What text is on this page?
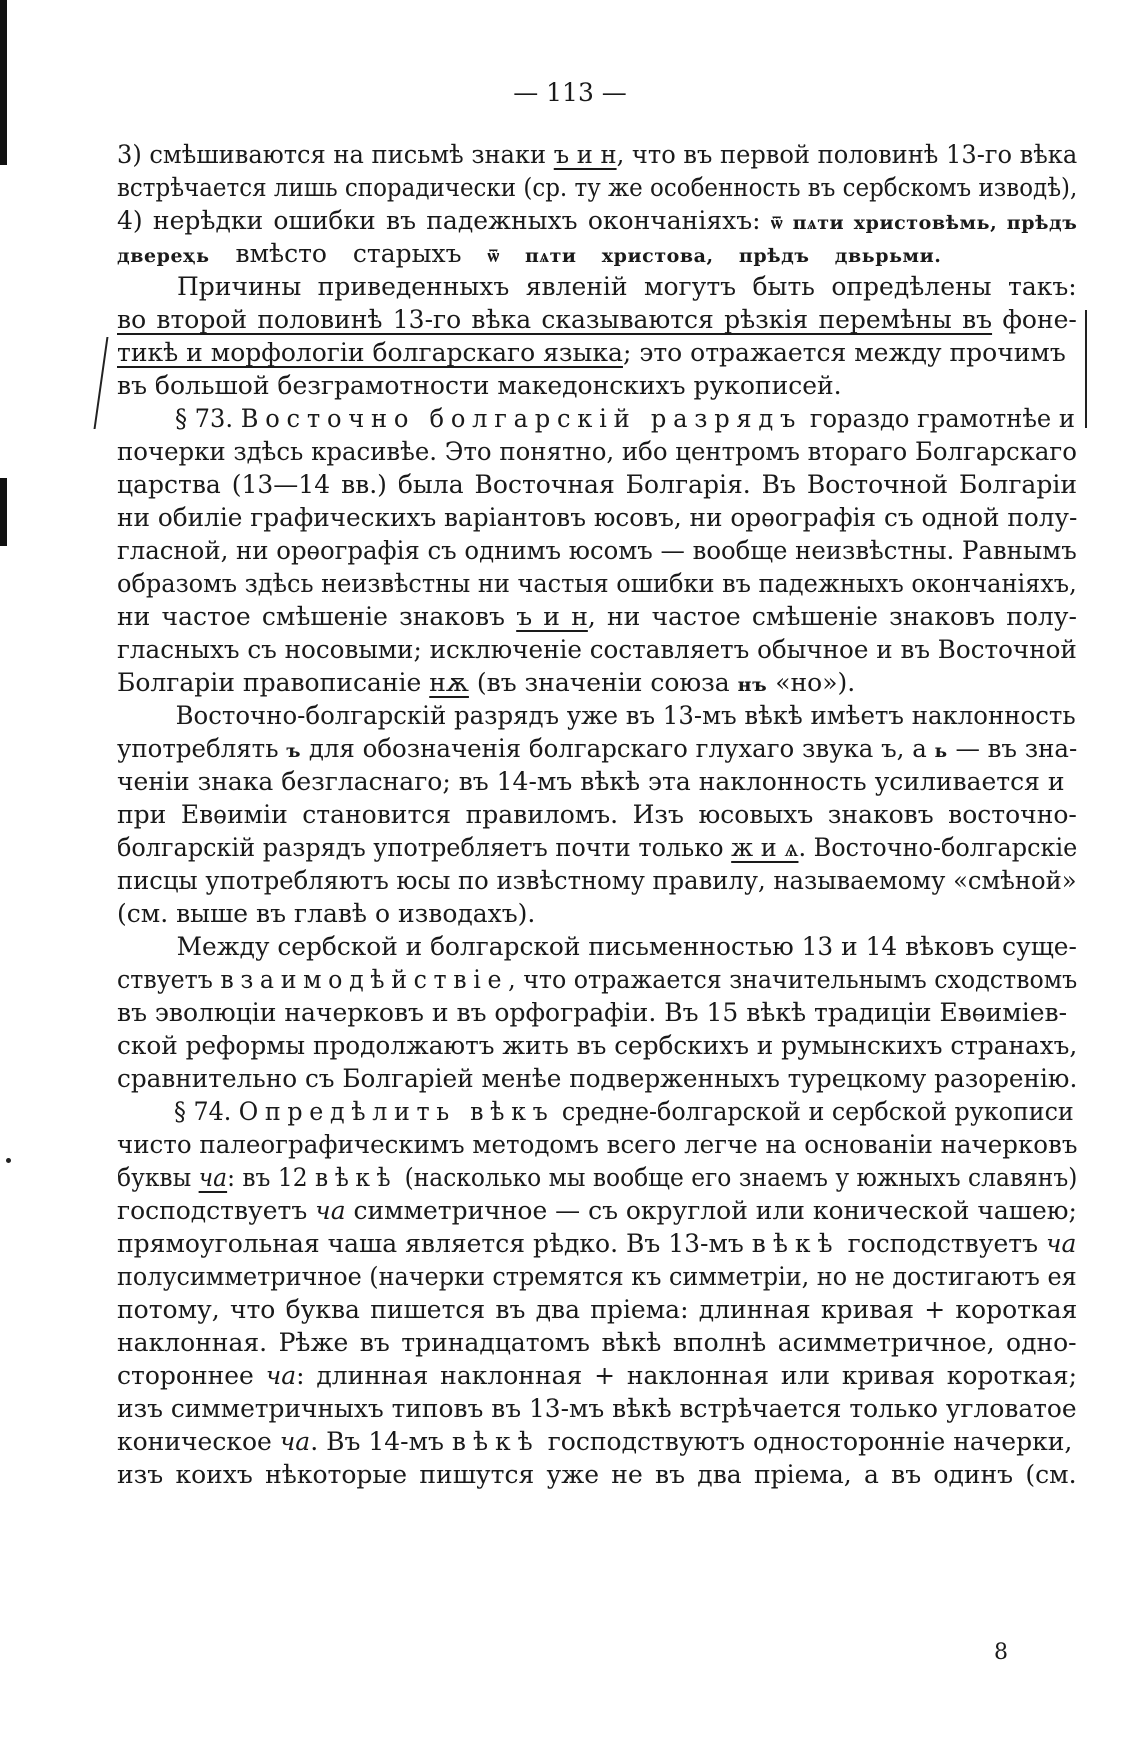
— 113 —
3) смѣшиваются на письмѣ знаки ъ и н, что въ первой половинѣ 13-го вѣка
встрѣчается лишь спорадически (ср. ту же особенность въ сербскомъ изводѣ),
4) нерѣдки ошибки въ падежныхъ окончаніяхъ: ѿ пѧти христовѣмь, прѣдъ
двереҳь вмѣсто старыхъ ѿ пѧти христова, прѣдъ двьрьми.
Причины приведенныхъ явленій могутъ быть опредѣлены такъ:
во второй половинѣ 13-го вѣка сказываются рѣзкія перемѣны въ фоне-
тикѣ и морфологіи болгарскаго языка; это отражается между прочимъ
въ большой безграмотности македонскихъ рукописей.
§ 73. Восточно болгарскій разрядъ гораздо грамотнѣе и
почерки здѣсь красивѣе. Это понятно, ибо центромъ втораго Болгарскаго
царства (13—14 вв.) была Восточная Болгарія. Въ Восточной Болгаріи
ни обиліе графическихъ варіантовъ юсовъ, ни орѳографія съ одной полу-
гласной, ни орѳографія съ однимъ юсомъ — вообще неизвѣстны. Равнымъ
образомъ здѣсь неизвѣстны ни частыя ошибки въ падежныхъ окончаніяхъ,
ни частое смѣшеніе знаковъ ъ и н, ни частое смѣшеніе знаковъ полу-
гласныхъ съ носовыми; исключеніе составляетъ обычное и въ Восточной
Болгаріи правописаніе нѫ (въ значеніи союза нъ «но»).
Восточно-болгарскій разрядъ уже въ 13-мъ вѣкѣ имѣетъ наклонность
употреблять ъ для обозначенія болгарскаго глухаго звука ъ, а ь — въ зна-
ченіи знака безгласнаго; въ 14-мъ вѣкѣ эта наклонность усиливается и
при Евѳиміи становится правиломъ. Изъ юсовыхъ знаковъ восточно-
болгарскій разрядъ употребляетъ почти только ж и ѧ. Восточно-болгарскіе
писцы употребляютъ юсы по извѣстному правилу, называемому «смѣной»
(см. выше въ главѣ о изводахъ).
Между сербской и болгарской письменностью 13 и 14 вѣковъ суще-
ствуетъ взаимодѣйствіе, что отражается значительнымъ сходствомъ
въ эволюціи начерковъ и въ орфографіи. Въ 15 вѣкѣ традиціи Евѳиміев-
ской реформы продолжаютъ жить въ сербскихъ и румынскихъ странахъ,
сравнительно съ Болгаріей менѣе подверженныхъ турецкому разоренію.
§ 74. Опредѣлить вѣкъ средне-болгарской и сербской рукописи
чисто палеографическимъ методомъ всего легче на основаніи начерковъ
буквы ча: въ 12 вѣкѣ (насколько мы вообще его знаемъ у южныхъ славянъ)
господствуетъ ча симметричное — съ округлой или конической чашею;
прямоугольная чаша является рѣдко. Въ 13-мъ вѣкѣ господствуетъ ча
полусимметричное (начерки стремятся къ симметріи, но не достигаютъ ея
потому, что буква пишется въ два пріема: длинная кривая + короткая
наклонная. Рѣже въ тринадцатомъ вѣкѣ вполнѣ асимметричное, одно-
стороннее ча: длинная наклонная + наклонная или кривая короткая;
изъ симметричныхъ типовъ въ 13-мъ вѣкѣ встрѣчается только угловатое
коническое ча. Въ 14-мъ вѣкѣ господствуютъ односторонніе начерки,
изъ коихъ нѣкоторые пишутся уже не въ два пріема, а въ одинъ (см.
8
